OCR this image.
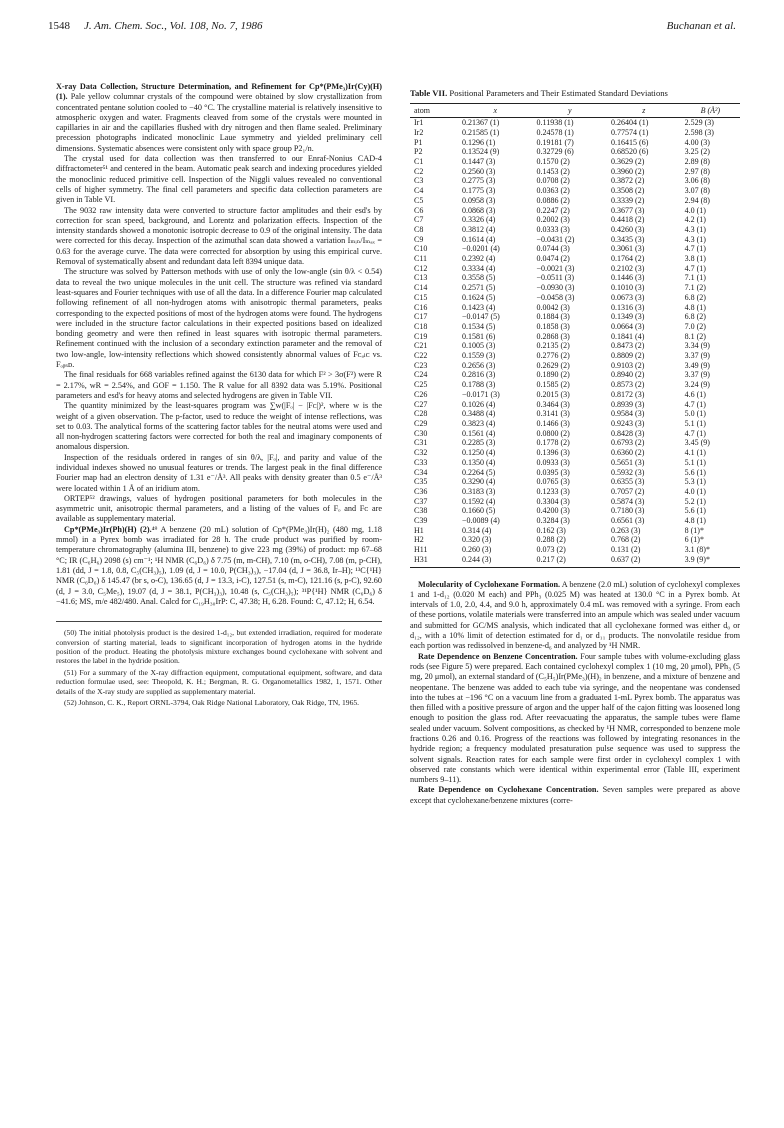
1548 J. Am. Chem. Soc., Vol. 108, No. 7, 1986	Buchanan et al.

X-ray Data Collection, Structure Determination, and Refinement for Cp*(PMe₃)Ir(Cy)(H) (1). Pale yellow columnar crystals of the compound were obtained by slow crystallization from concentrated pentane solution cooled to −40 °C. The crystalline material is relatively insensitive to atmospheric oxygen and water. Fragments cleaved from some of the crystals were mounted in capillaries in air and the capillaries flushed with dry nitrogen and then flame sealed. Preliminary precession photographs indicated monoclinic Laue symmetry and yielded preliminary cell dimensions. Systematic absences were consistent only with space group P2₁/n.

The crystal used for data collection was then transferred to our Enraf-Nonius CAD-4 diffractometer⁵¹ and centered in the beam. Automatic peak search and indexing procedures yielded the monoclinic reduced primitive cell. Inspection of the Niggli values revealed no conventional cells of higher symmetry. The final cell parameters and specific data collection parameters are given in Table VI.

The 9032 raw intensity data were converted to structure factor amplitudes and their esd's by correction for scan speed, background, and Lorentz and polarization effects. Inspection of the intensity standards showed a monotonic isotropic decrease to 0.9 of the original intensity. The data were corrected for this decay. Inspection of the azimuthal scan data showed a variation Iₘᵢₙ/Iₘₐₓ = 0.63 for the average curve. The data were corrected for absorption by using this empirical curve. Removal of systematically absent and redundant data left 8394 unique data.

The structure was solved by Patterson methods with use of only the low-angle (sin θ/λ < 0.54) data to reveal the two unique molecules in the unit cell. The structure was refined via standard least-squares and Fourier techniques with use of all the data. In a difference Fourier map calculated following refinement of all non-hydrogen atoms with anisotropic thermal parameters, peaks corresponding to the expected positions of most of the hydrogen atoms were found. The hydrogens were included in the structure factor calculations in their expected positions based on idealized bonding geometry and were then refined in least squares with isotropic thermal parameters. Refinement continued with the inclusion of a secondary extinction parameter and the removal of two low-angle, low-intensity reflections which showed consistently abnormal values of Fᴄₐₗᴄ vs. Fₒᵦₛᴅ.

The final residuals for 668 variables refined against the 6130 data for which F² > 3σ(F²) were R = 2.17%, wR = 2.54%, and GOF = 1.150. The R value for all 8392 data was 5.19%. Positional parameters and esd's for heavy atoms and selected hydrogens are given in Table VII.

The quantity minimized by the least-squares program was ∑w(|Fₒ| − |Fᴄ|)², where w is the weight of a given observation. The p-factor, used to reduce the weight of intense reflections, was set to 0.03. The analytical forms of the scattering factor tables for the neutral atoms were used and all non-hydrogen scattering factors were corrected for both the real and imaginary components of anomalous dispersion.

Inspection of the residuals ordered in ranges of sin θ/λ, |Fₒ|, and parity and value of the individual indexes showed no unusual features or trends. The largest peak in the final difference Fourier map had an electron density of 1.31 e⁻/Å³. All peaks with density greater than 0.5 e⁻/Å³ were located within 1 Å of an iridium atom.

ORTEP⁵² drawings, values of hydrogen positional parameters for both molecules in the asymmetric unit, anisotropic thermal parameters, and a listing of the values of Fₒ and Fᴄ are available as supplementary material.

Cp*(PMe₃)Ir(Ph)(H) (2).⁴⁹ A benzene (20 mL) solution of Cp*(PMe₃)Ir(H)₂ (480 mg, 1.18 mmol) in a Pyrex bomb was irradiated for 28 h. The crude product was purified by room-temperature chromatography (alumina III, benzene) to give 223 mg (39%) of product: mp 67–68 °C; IR (C₆H₆) 2098 (s) cm⁻¹; ¹H NMR (C₆D₆) δ 7.75 (m, m-CH), 7.10 (m, o-CH), 7.08 (m, p-CH), 1.81 (dd, J = 1.8, 0.8, C₅(CH₃)₅), 1.09 (d, J = 10.0, P(CH₃)₃), −17.04 (d, J = 36.8, Ir–H); ¹³C{¹H} NMR (C₆D₆) δ 145.47 (br s, o-C), 136.65 (d, J = 13.3, i-C), 127.51 (s, m-C), 121.16 (s, p-C), 92.60 (d, J = 3.0, C₅Me₅), 19.07 (d, J = 38.1, P(CH₃)₃), 10.48 (s, C₅(CH₃)₅); ³¹P{¹H} NMR (C₆D₆) δ −41.6; MS, m/e 482/480. Anal. Calcd for C₁₉H₃₀IrP: C, 47.38; H, 6.28. Found: C, 47.12; H, 6.54.

(50) The initial photolysis product is the desired 1-d₁₂, but extended irradiation, required for moderate conversion of starting material, leads to significant incorporation of hydrogen atoms in the hydride position of the product. Heating the photolysis mixture exchanges bound cyclohexane with solvent and restores the label in the hydride position.

(51) For a summary of the X-ray diffraction equipment, computational equipment, software, and data reduction formulae used, see: Theopold, K. H.; Bergman, R. G. Organometallics 1982, 1, 1571. Other details of the X-ray study are supplied as supplementary material.

(52) Johnson, C. K., Report ORNL-3794, Oak Ridge National Laboratory, Oak Ridge, TN, 1965.

Table VII. Positional Parameters and Their Estimated Standard Deviations
atom	x	y	z	B (Å²)
Ir1	0.21367 (1)	0.11938 (1)	0.26404 (1)	2.529 (3)
Ir2	0.21585 (1)	0.24578 (1)	0.77574 (1)	2.598 (3)
P1	0.1296 (1)	0.19181 (7)	0.16415 (6)	4.00 (3)
P2	0.13524 (9)	0.32729 (6)	0.68520 (6)	3.25 (2)
C1	0.1447 (3)	0.1570 (2)	0.3629 (2)	2.89 (8)
C2	0.2560 (3)	0.1453 (2)	0.3960 (2)	2.97 (8)
C3	0.2775 (3)	0.0708 (2)	0.3872 (2)	3.06 (8)
C4	0.1775 (3)	0.0363 (2)	0.3508 (2)	3.07 (8)
C5	0.0958 (3)	0.0886 (2)	0.3339 (2)	2.94 (8)
C6	0.0868 (3)	0.2247 (2)	0.3677 (3)	4.0 (1)
C7	0.3326 (4)	0.2002 (3)	0.4418 (2)	4.2 (1)
C8	0.3812 (4)	0.0333 (3)	0.4260 (3)	4.3 (1)
C9	0.1614 (4)	−0.0431 (2)	0.3435 (3)	4.3 (1)
C10	−0.0201 (4)	0.0744 (3)	0.3061 (3)	4.7 (1)
C11	0.2392 (4)	0.0474 (2)	0.1764 (2)	3.8 (1)
C12	0.3334 (4)	−0.0021 (3)	0.2102 (3)	4.7 (1)
C13	0.3558 (5)	−0.0511 (3)	0.1446 (3)	7.1 (1)
C14	0.2571 (5)	−0.0930 (3)	0.1010 (3)	7.1 (2)
C15	0.1624 (5)	−0.0458 (3)	0.0673 (3)	6.8 (2)
C16	0.1423 (4)	0.0042 (3)	0.1316 (3)	4.8 (1)
C17	−0.0147 (5)	0.1884 (3)	0.1349 (3)	6.8 (2)
C18	0.1534 (5)	0.1858 (3)	0.0664 (3)	7.0 (2)
C19	0.1581 (6)	0.2868 (3)	0.1841 (4)	8.1 (2)
C21	0.1005 (3)	0.2135 (2)	0.8473 (2)	3.34 (9)
C22	0.1559 (3)	0.2776 (2)	0.8809 (2)	3.37 (9)
C23	0.2656 (3)	0.2629 (2)	0.9103 (2)	3.49 (9)
C24	0.2816 (3)	0.1890 (2)	0.8940 (2)	3.37 (9)
C25	0.1788 (3)	0.1585 (2)	0.8573 (2)	3.24 (9)
C26	−0.0171 (3)	0.2015 (3)	0.8172 (3)	4.6 (1)
C27	0.1026 (4)	0.3464 (3)	0.8939 (3)	4.7 (1)
C28	0.3488 (4)	0.3141 (3)	0.9584 (3)	5.0 (1)
C29	0.3823 (4)	0.1466 (3)	0.9243 (3)	5.1 (1)
C30	0.1561 (4)	0.0800 (2)	0.8428 (3)	4.7 (1)
C31	0.2285 (3)	0.1778 (2)	0.6793 (2)	3.45 (9)
C32	0.1250 (4)	0.1396 (3)	0.6360 (2)	4.1 (1)
C33	0.1350 (4)	0.0933 (3)	0.5651 (3)	5.1 (1)
C34	0.2264 (5)	0.0395 (3)	0.5932 (3)	5.6 (1)
C35	0.3290 (4)	0.0765 (3)	0.6355 (3)	5.3 (1)
C36	0.3183 (3)	0.1233 (3)	0.7057 (2)	4.0 (1)
C37	0.1592 (4)	0.3304 (3)	0.5874 (3)	5.2 (1)
C38	0.1660 (5)	0.4200 (3)	0.7180 (3)	5.6 (1)
C39	−0.0089 (4)	0.3284 (3)	0.6561 (3)	4.8 (1)
H1	0.314 (4)	0.162 (3)	0.263 (3)	8 (1)*
H2	0.320 (3)	0.288 (2)	0.768 (2)	6 (1)*
H11	0.260 (3)	0.073 (2)	0.131 (2)	3.1 (8)*
H31	0.244 (3)	0.217 (2)	0.637 (2)	3.9 (9)*

Molecularity of Cyclohexane Formation. A benzene (2.0 mL) solution of cyclohexyl complexes 1 and 1-d₁₂ (0.020 M each) and PPh₃ (0.025 M) was heated at 130.0 °C in a Pyrex bomb. At intervals of 1.0, 2.0, 4.4, and 9.0 h, approximately 0.4 mL was removed with a syringe. From each of these portions, volatile materials were transferred into an ampule which was sealed under vacuum and submitted for GC/MS analysis, which indicated that all cyclohexane formed was either d₀ or d₁₂, with a 10% limit of detection estimated for d₁ or d₁₁ products. The nonvolatile residue from each portion was redissolved in benzene-d₆ and analyzed by ¹H NMR.

Rate Dependence on Benzene Concentration. Four sample tubes with volume-excluding glass rods (see Figure 5) were prepared. Each contained cyclohexyl complex 1 (10 mg, 20 μmol), PPh₃ (5 mg, 20 μmol), an external standard of (C₅H₅)Ir(PMe₃)(H)₂ in benzene, and a mixture of benzene and neopentane. The benzene was added to each tube via syringe, and the neopentane was condensed into the tubes at −196 °C on a vacuum line from a graduated 1-mL Pyrex bomb. The apparatus was then filled with a positive pressure of argon and the upper half of the cajon fitting was loosened long enough to position the glass rod. After reevacuating the apparatus, the sample tubes were flame sealed under vacuum. Solvent compositions, as checked by ¹H NMR, corresponded to benzene mole fractions 0.26 and 0.16. Progress of the reactions was followed by integrating resonances in the hydride region; a frequency modulated presaturation pulse sequence was used to suppress the solvent signals. Reaction rates for each sample were first order in cyclohexyl complex 1 with observed rate constants which were identical within experimental error (Table III, experiment numbers 9–11).

Rate Dependence on Cyclohexane Concentration. Seven samples were prepared as above except that cyclohexane/benzene mixtures (corre-
